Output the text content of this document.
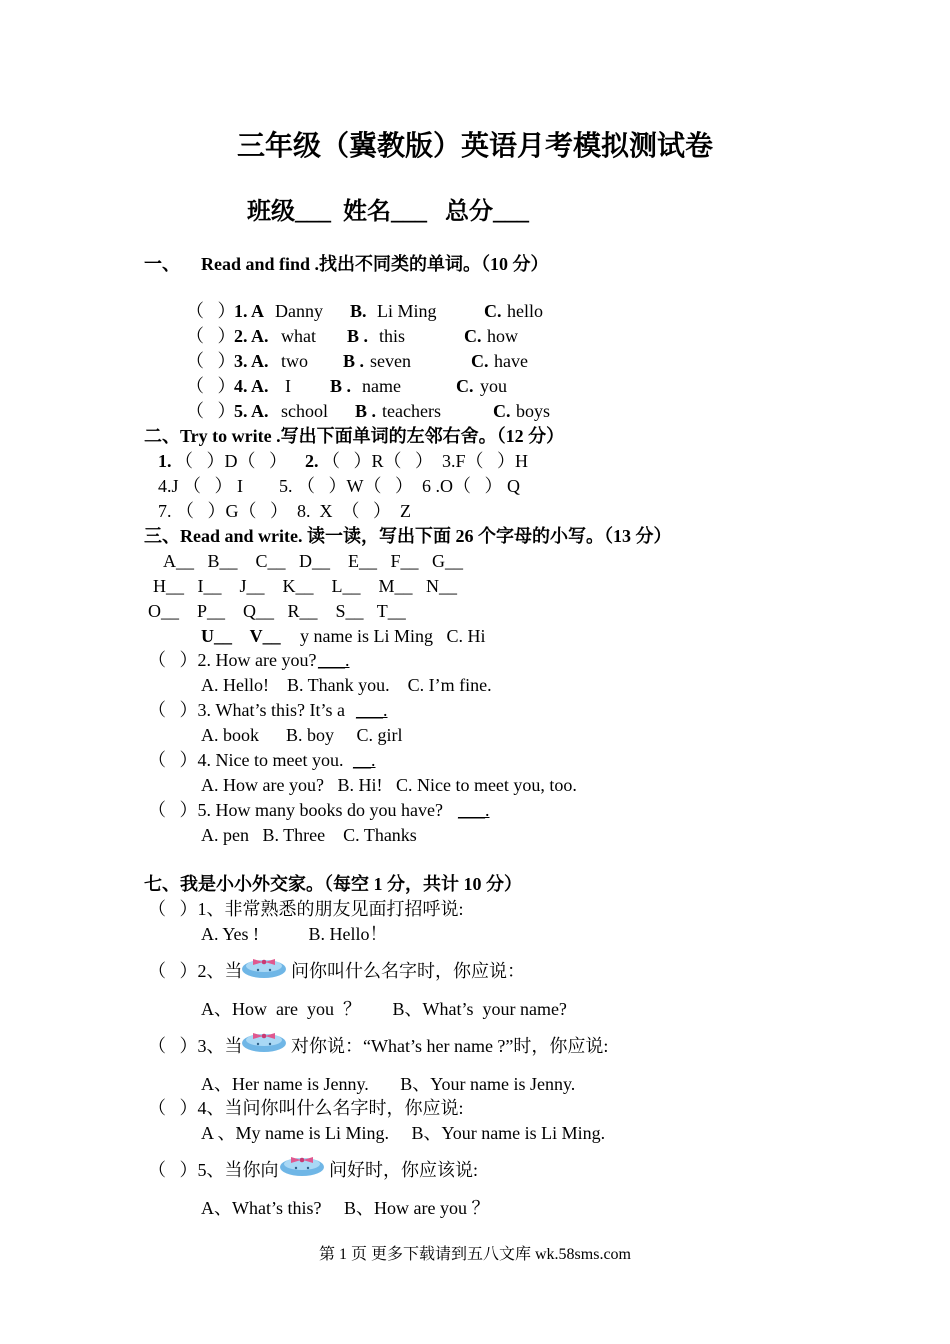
三年级（冀教版）英语月考模拟测试卷
班级___  姓名___   总分___
一、 Read and find .找出不同类的单词。（10 分）
（   ）
1. A Danny B. Li Ming	C. hello
（   ）
2. A. what B . this	C. how
（   ）
3. A. two B . seven	C. have
（   ）
4. A. I B . name	C. you
（   ）
5. A. school B . teachers	C. boys
二、Try to write .写出下面单词的左邻右舍。（12 分）
1. （   ）D（   ） 2. （   ）R（   ）  3.F（   ）H
4.J （   ） I        5. （   ）W（   ）  6 .O（   ） Q
7. （   ）G（   ）  8.  X  （   ）  Z
三、Read and write. 读一读，写出下面 26 个字母的小写。（13 分）
A__   B__    C__   D__    E__   F__   G__
H__   I__    J__    K__    L__    M__   N__
O__    P__    Q__   R__    S__   T__
U__    V__ y name is Li Ming   C. Hi
（   ）2. How are you? ___.
A. Hello!    B. Thank you.    C. I’m fine.
（   ）3. What’s this? It’s a ___.
A. book      B. boy     C. girl
（   ）4. Nice to meet you. __.
A. How are you?   B. Hi!   C. Nice to meet you, too.
（   ）5. How many books do you have? ___.
A. pen   B. Three    C. Thanks
七、我是小小外交家。（每空 1 分，共计 10 分）
（   ）1、非常熟悉的朋友见面打招呼说:
A. Yes !           B. Hello！
（   ）2、当	问你叫什么名字时，你应说：
A、How  are  you  ？       B、What’s  your name?
（   ）3、当	对你说：“What’s her name ?”时，你应说:
A、Her name is Jenny.       B、Your name is Jenny.
（   ）4、当问你叫什么名字时，你应说:
A 、My name is Li Ming.     B、Your name is Li Ming.
（   ）5、当你向	问好时，你应该说:
A、What’s this?     B、How are you ？
第 1 页 更多下载请到五八文库 wk.58sms.com
